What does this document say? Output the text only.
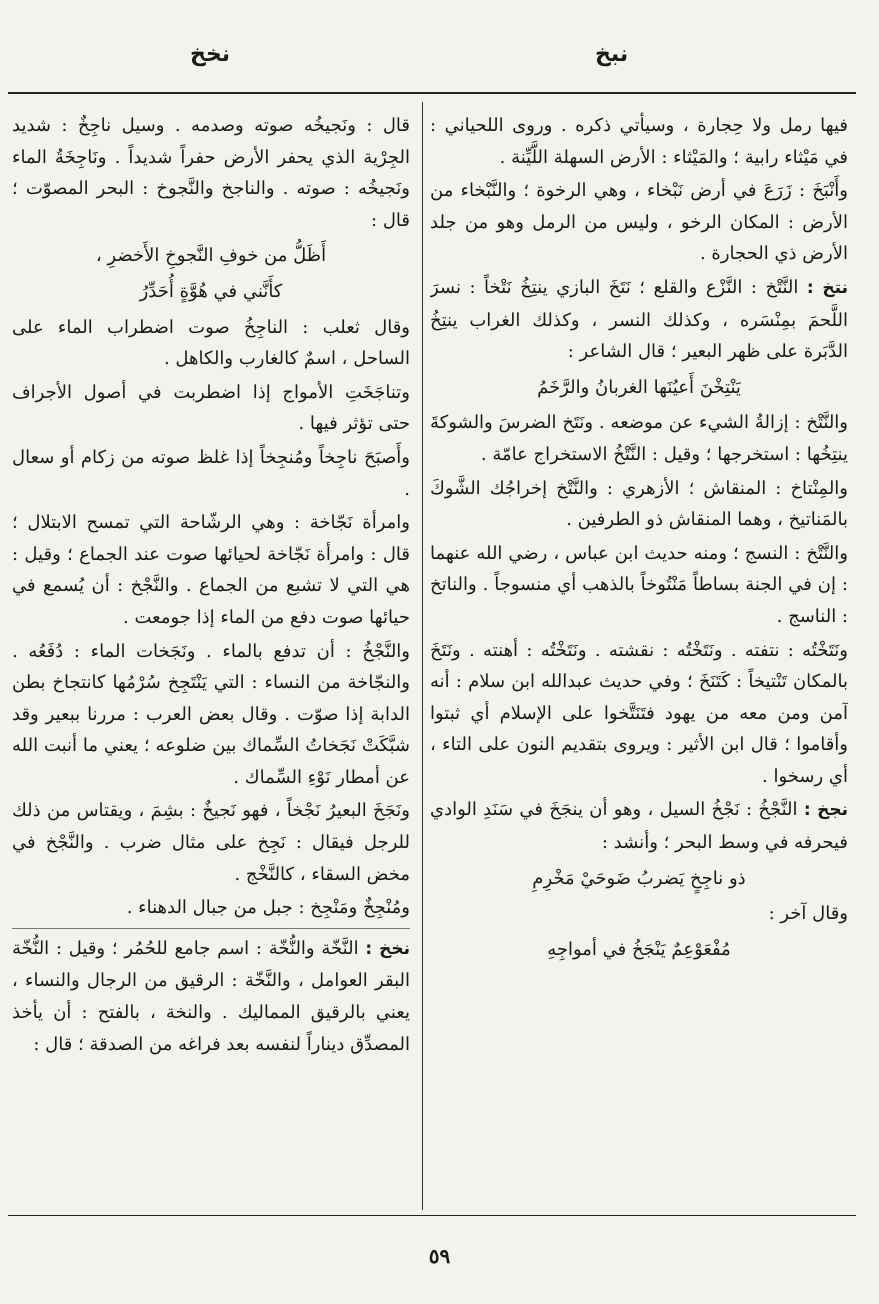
نبخ
نخخ
فيها رمل ولا حِجارة ، وسيأتي ذكره . وروى اللحياني : في مَيْثاء رابية ؛ والمَيْثاء : الأرض السهلة اللَّيِّنة .
وأَنْبَخَ : زَرَعَ في أرض نَبْخاء ، وهي الرخوة ؛ والنَّبْخاء من الأرض : المكان الرخو ، وليس من الرمل وهو من جلد الأرض ذي الحجارة .
نتخ : النَّتْخ : النَّزْع والقلع ؛ نَتَخَ البازي ينتِخُ نَتْخاً : نسرَ اللَّحمَ بمِنْسَره ، وكذلك النسر ، وكذلك الغراب ينتِخُ الدَّبَرة على ظهر البعير ؛ قال الشاعر :
يَنْتِخْنَ أَعيُنَها الغربانُ والرَّخَمُ
والنَّتْخ : إزالةُ الشيء عن موضعه . ونَتَخ الضرسَ والشوكةَ ينتِخُها : استخرجها ؛ وقيل : النَّتْخُ الاستخراج عامّة .
والمِنْتاخ : المنقاش ؛ الأزهري : والنَّتْخ إخراجُك الشَّوكَ بالمَناتيخ ، وهما المنقاش ذو الطرفين .
والنَّتْخ : النسج ؛ ومنه حديث ابن عباس ، رضي الله عنهما : إن في الجنة بساطاً مَنْتُوخاً بالذهب أي منسوجاً . والناتخ : الناسج .
ونَتَخْتُه : نتفته . ونَتَخْتُه : نقشته . ونَتَخْتُه : أهنته . ونَتَخَ بالمكان تَنْتيخاً : كَتَنَخَ ؛ وفي حديث عبدالله ابن سلام : أنه آمن ومن معه من يهود فتَنَتَّخوا على الإسلام أي ثبتوا وأقاموا ؛ قال ابن الأثير : ويروى بتقديم النون على التاء ، أي رسخوا .
نجخ : النَّجْخُ : نَجْخُ السيل ، وهو أن ينجَخَ في سَنَدِ الوادي فيحرفه في وسط البحر ؛ وأنشد :
ذو ناجِخٍ يَضربُ ضَوحَيْ مَخْرِمِ
وقال آخر :
مُفْعَوْعِمٌ يَنْجَخُ في أمواجِهِ
قال : ونَجيخُه صوته وصدمه . وسيل ناجِخٌ : شديد الجِرْية الذي يحفر الأرض حفراً شديداً . ونَاجِخَةُ الماء ونَجيخُه : صوته . والناجخ والنَّجوخ : البحر المصوّت ؛ قال :
أَظَلُّ من خوفِ النَّجوخِ الأَخضرِ ،
كأَنَّني في هُوَّةٍ أُحَدِّرُ
وقال ثعلب : الناجِخُ صوت اضطراب الماء على الساحل ، اسمٌ كالغارب والكاهل .
وتناجَخَتِ الأمواج إذا اضطربت في أصول الأجراف حتى تؤثر فيها .
وأَصبَحَ ناجِخاً ومُنجِخاً إذا غلظ صوته من زكام أو سعال .
وامرأة نَجّاخة : وهي الرشّاحة التي تمسح الابتلال ؛ قال : وامرأة نَجّاخة لحيائها صوت عند الجماع ؛ وقيل : هي التي لا تشبع من الجماع . والنَّجْخ : أن يُسمع في حيائها صوت دفع من الماء إذا جومعت .
والنَّجْخُ : أن تدفع بالماء . ونَجَخات الماء : دُفَعُه . والنجّاخة من النساء : التي يَنْتَجِخ سُرْمُها كانتجاخ بطن الدابة إذا صوّت . وقال بعض العرب : مررنا ببعير وقد شبَّكَتْ نَجَخاتُ السِّماك بين ضلوعه ؛ يعني ما أنبت الله عن أمطار نَوْءِ السِّماك .
ونَجَخَ البعيرُ نَجْخاً ، فهو نَجيخٌ : بشِمَ ، ويقتاس من ذلك للرجل فيقال : نَجِخ على مثال ضرب . والنَّجْخ في مخض السقاء ، كالنَّخْج .
ومُنْجِخٌ ومَنْجِخ : جبل من جبال الدهناء .
نخخ : النَّخّة والنُّخّة : اسم جامع للحُمُر ؛ وقيل : النُّخّة البقر العوامل ، والنَّخّة : الرقيق من الرجال والنساء ، يعني بالرقيق المماليك . والنخة ، بالفتح : أن يأخذ المصدِّق ديناراً لنفسه بعد فراغه من الصدقة ؛ قال :
٥٩
